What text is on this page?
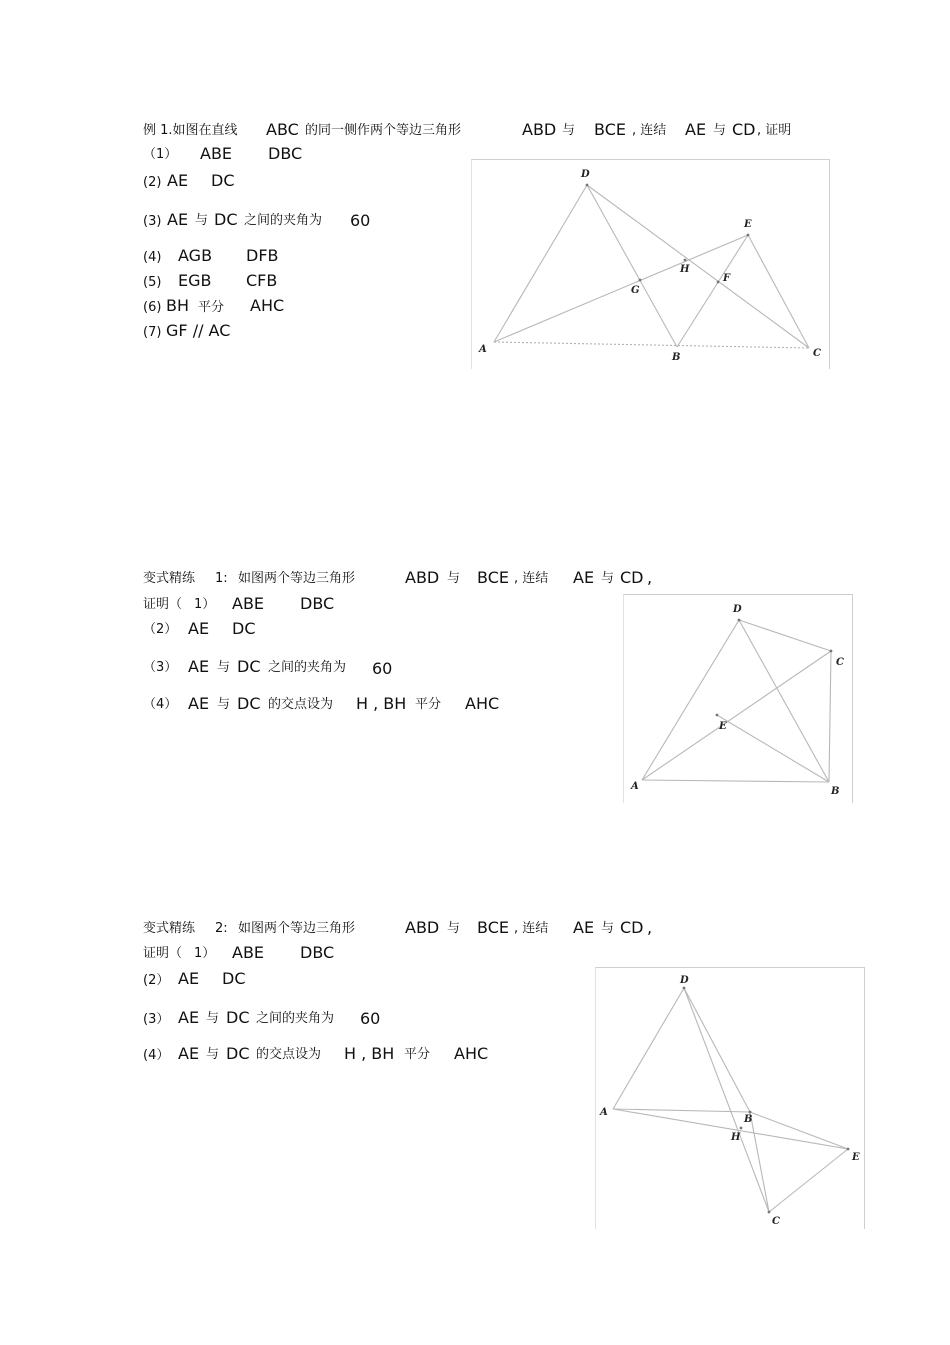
例 1.如图在直线 ABC 的同一侧作两个等边三角形	ABD 与 BCE , 连结 AE 与 CD , 证明
（1） ABE DBC
(2) AE DC
(3) AE 与 DC 之间的夹角为 60
(4) AGB DFB
(5) EGB CFB
(6) BH 平分 AHC
(7) GF // AC
D
E
H
F
G
A
B	C
变式精练 1: 如图两个等边三角形	ABD 与 BCE , 连结 AE 与 CD ,
证明（ 1） ABE DBC
（2） AE DC
（3） AE 与 DC 之间的夹角为 60
（4） AE 与 DC 的交点设为 H , BH 平分 AHC
D
C
E
A	B
变式精练 2: 如图两个等边三角形	ABD 与 BCE , 连结 AE 与 CD ,
证明（ 1） ABE DBC
(2） AE DC
(3） AE 与 DC 之间的夹角为 60
(4） AE 与 DC 的交点设为 H , BH 平分 AHC
D
A
B
H
E
C
